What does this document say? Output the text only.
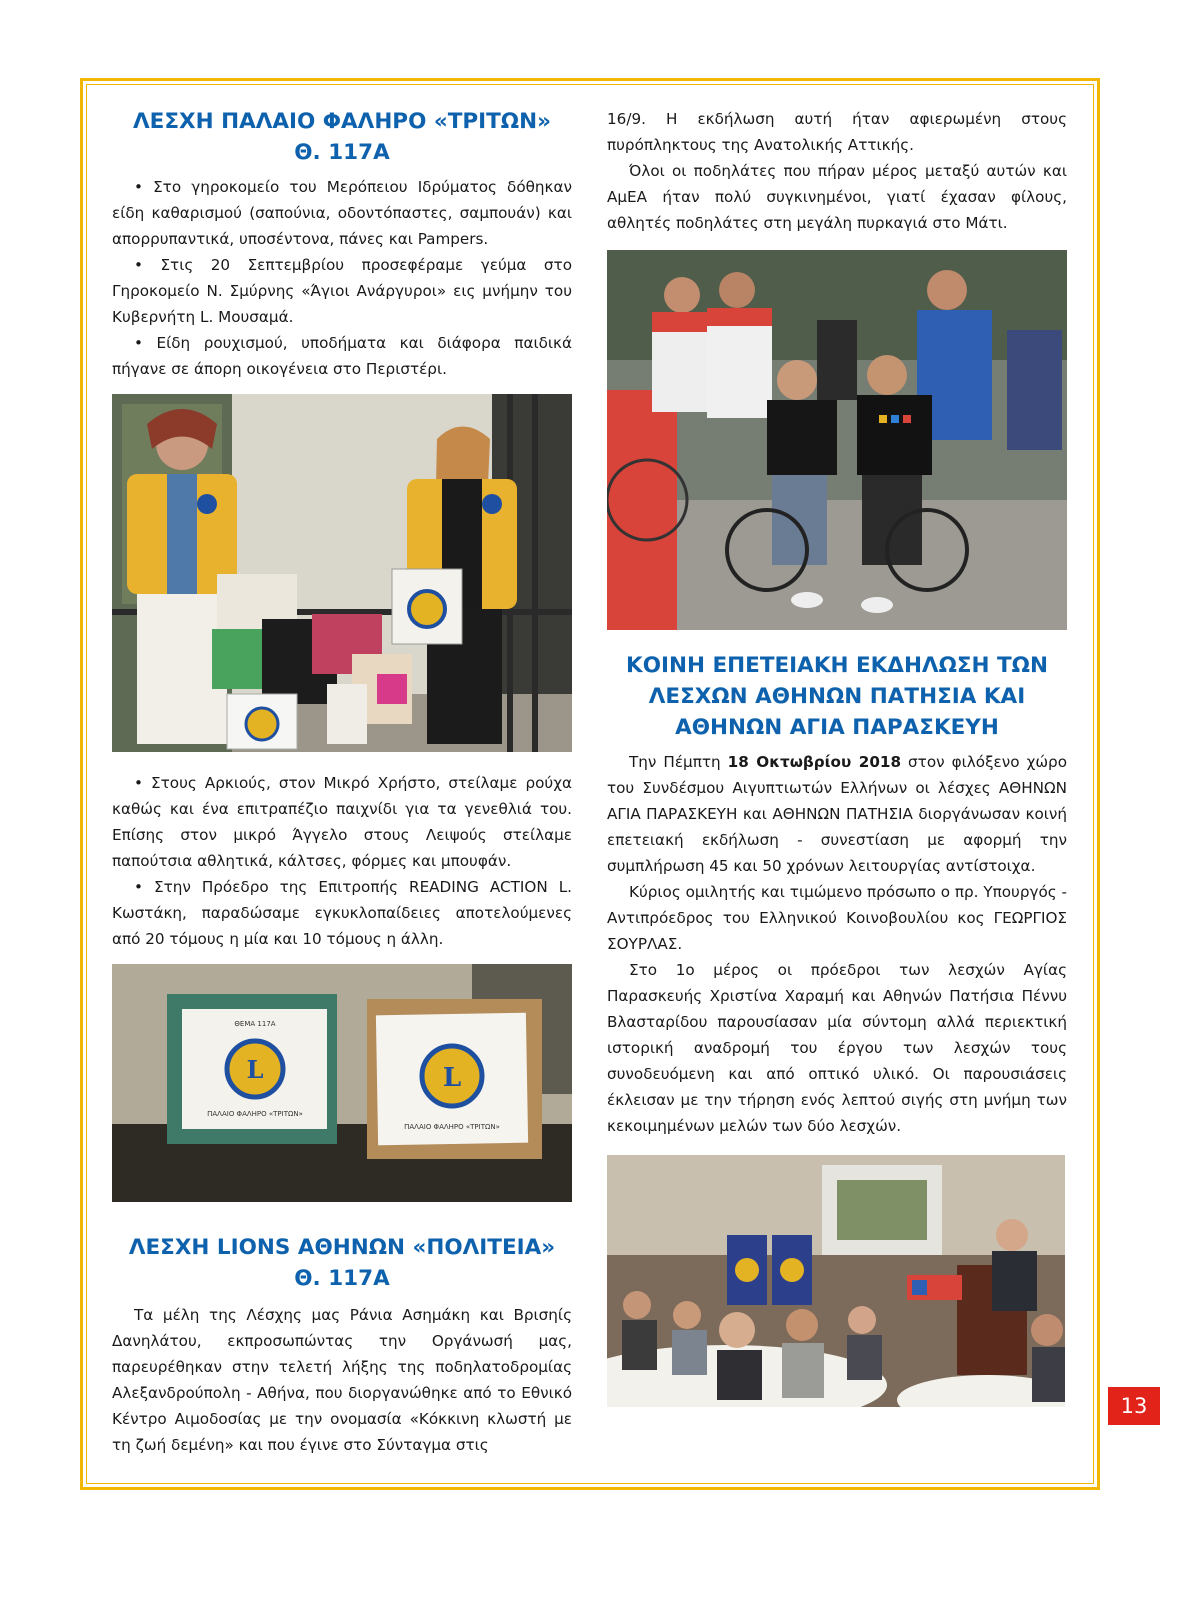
ΛΕΣΧΗ ΠΑΛΑΙΟ ΦΑΛΗΡΟ «ΤΡΙΤΩΝ»
Θ. 117Α

• Στο γηροκομείο του Μερόπειου Ιδρύματος δόθηκαν είδη καθαρισμού (σαπούνια, οδοντόπαστες, σαμπουάν) και απορρυπαντικά, υποσέντονα, πάνες και Pampers.

• Στις 20 Σεπτεμβρίου προσεφέραμε γεύμα στο Γηροκομείο Ν. Σμύρνης «Άγιοι Ανάργυροι» εις μνήμην του Κυβερνήτη L. Μουσαμά.

• Είδη ρουχισμού, υποδήματα και διάφορα παιδικά πήγανε σε άπορη οικογένεια στο Περιστέρι.

• Στους Αρκιούς, στον Μικρό Χρήστο, στείλαμε ρούχα καθώς και ένα επιτραπέζιο παιχνίδι για τα γενεθλιά του. Επίσης στον μικρό Άγγελο στους Λειψούς στείλαμε παπούτσια αθλητικά, κάλτσες, φόρμες και μπουφάν.

• Στην Πρόεδρο της Επιτροπής READING ACTION L. Κωστάκη, παραδώσαμε εγκυκλοπαίδειες αποτελούμενες από 20 τόμους η μία και 10 τόμους η άλλη.

L
ΘΕΜΑ 117Α
ΠΑΛΑΙΟ ΦΑΛΗΡΟ «ΤΡΙΤΩΝ»
L
ΠΑΛΑΙΟ ΦΑΛΗΡΟ «ΤΡΙΤΩΝ»
ΛΕΣΧΗ LIONS ΑΘΗΝΩΝ «ΠΟΛΙΤΕΙΑ»
Θ. 117Α

Τα μέλη της Λέσχης μας Ράνια Ασημάκη και Βρισηίς Δανηλάτου, εκπροσωπώντας την Οργάνωσή μας, παρευρέθηκαν στην τελετή λήξης της ποδηλατοδρομίας Αλεξανδρούπολη - Αθήνα, που διοργανώθηκε από το Εθνικό Κέντρο Αιμοδοσίας με την ονομασία «Κόκκινη κλωστή με τη ζωή δεμένη» και που έγινε στο Σύνταγμα στις

16/9. Η εκδήλωση αυτή ήταν αφιερωμένη στους πυρόπληκτους της Ανατολικής Αττικής.

Όλοι οι ποδηλάτες που πήραν μέρος μεταξύ αυτών και ΑμΕΑ ήταν πολύ συγκινημένοι, γιατί έχασαν φίλους, αθλητές ποδηλάτες στη μεγάλη πυρκαγιά στο Μάτι.

ΚΟΙΝΗ ΕΠΕΤΕΙΑΚΗ ΕΚΔΗΛΩΣΗ ΤΩΝ
ΛΕΣΧΩΝ ΑΘΗΝΩΝ ΠΑΤΗΣΙΑ ΚΑΙ
ΑΘΗΝΩΝ ΑΓΙΑ ΠΑΡΑΣΚΕΥΗ

Την Πέμπτη 18 Οκτωβρίου 2018 στον φιλόξενο χώρο του Συνδέσμου Αιγυπτιωτών Ελλήνων οι λέσχες ΑΘΗΝΩΝ ΑΓΙΑ ΠΑΡΑΣΚΕΥΗ και ΑΘΗΝΩΝ ΠΑΤΗΣΙΑ διοργάνωσαν κοινή επετειακή εκδήλωση - συνεστίαση με αφορμή την συμπλήρωση 45 και 50 χρόνων λειτουργίας αντίστοιχα.

Κύριος ομιλητής και τιμώμενο πρόσωπο ο πρ. Υπουργός - Αντιπρόεδρος του Ελληνικού Κοινοβουλίου κος ΓΕΩΡΓΙΟΣ ΣΟΥΡΛΑΣ.

Στο 1ο μέρος οι πρόεδροι των λεσχών Αγίας Παρασκευής Χριστίνα Χαραμή και Αθηνών Πατήσια Πέννυ Βλασταρίδου παρουσίασαν μία σύντομη αλλά περιεκτική ιστορική αναδρομή του έργου των λεσχών τους συνοδευόμενη και από οπτικό υλικό. Οι παρουσιάσεις έκλεισαν με την τήρηση ενός λεπτού σιγής στη μνήμη των κεκοιμημένων μελών των δύο λεσχών.

13
